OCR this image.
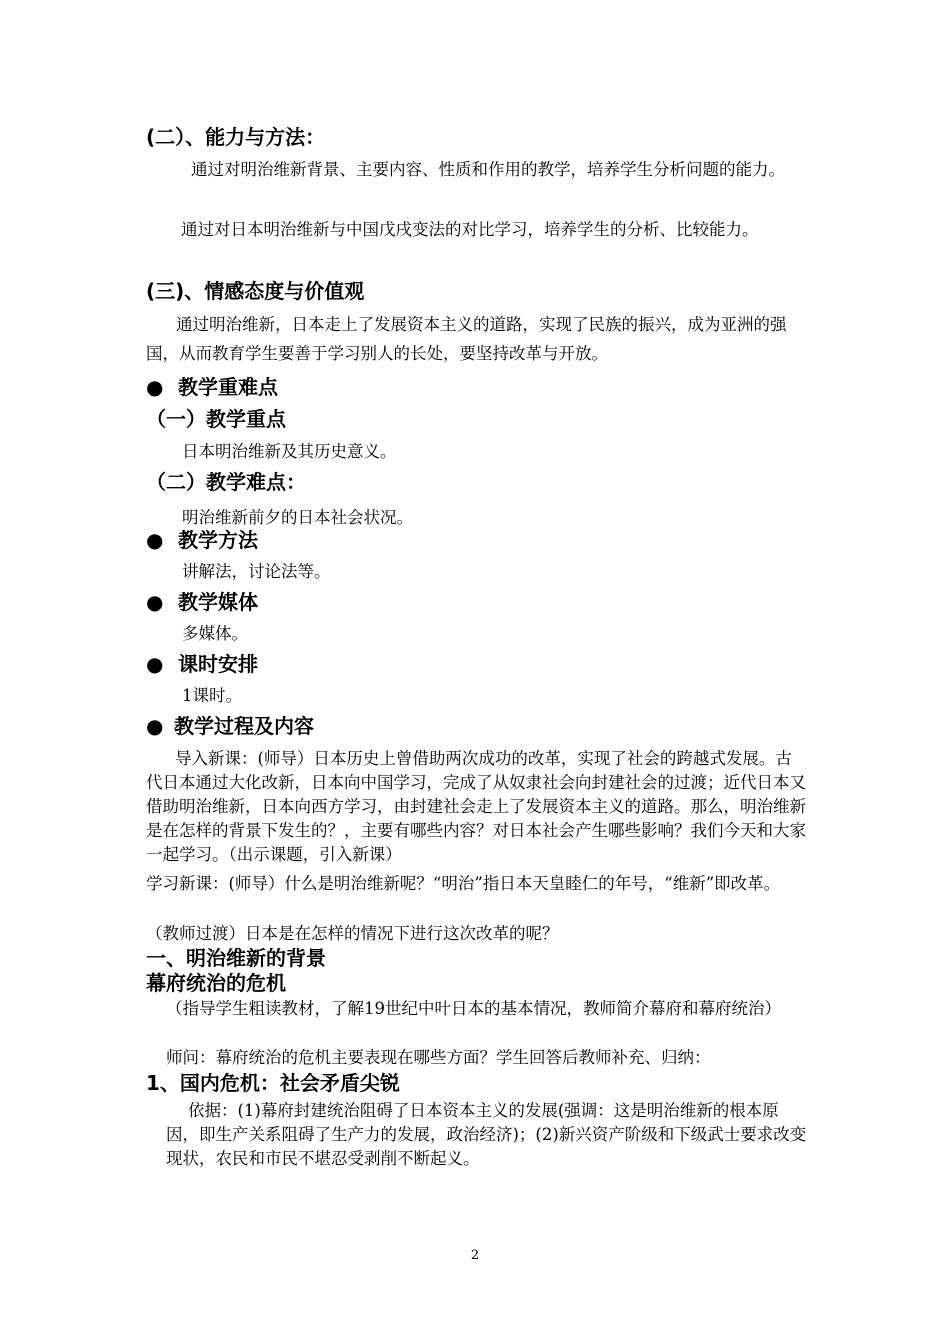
(二）、能力与方法：
通过对明治维新背景、主要内容、性质和作用的教学，培养学生分析问题的能力。
通过对日本明治维新与中国戊戌变法的对比学习，培养学生的分析、比较能力。
(三)、情感态度与价值观
通过明治维新，日本走上了发展资本主义的道路，实现了民族的振兴，成为亚洲的强国，从而教育学生要善于学习别人的长处，要坚持改革与开放。
● 教学重难点
（一）教学重点
日本明治维新及其历史意义。
（二）教学难点：
明治维新前夕的日本社会状况。
● 教学方法
讲解法，讨论法等。
● 教学媒体
多媒体。
● 课时安排
1课时。
● 教学过程及内容
导入新课：(师导）日本历史上曾借助两次成功的改革，实现了社会的跨越式发展。古代日本通过大化改新，日本向中国学习，完成了从奴隶社会向封建社会的过渡；近代日本又借助明治维新，日本向西方学习，由封建社会走上了发展资本主义的道路。那么，明治维新是在怎样的背景下发生的？，主要有哪些内容？对日本社会产生哪些影响？我们今天和大家一起学习。（出示课题，引入新课）
学习新课：(师导）什么是明治维新呢？“明治”指日本天皇睦仁的年号，“维新”即改革。
（教师过渡）日本是在怎样的情况下进行这次改革的呢？
一、明治维新的背景
幕府统治的危机
（指导学生粗读教材，了解19世纪中叶日本的基本情况，教师简介幕府和幕府统治）
师问：幕府统治的危机主要表现在哪些方面？学生回答后教师补充、归纳：
1、国内危机：社会矛盾尖锐
依据：(1)幕府封建统治阻碍了日本资本主义的发展(强调：这是明治维新的根本原因，即生产关系阻碍了生产力的发展，政治经济)；(2)新兴资产阶级和下级武士要求改变现状，农民和市民不堪忍受剥削不断起义。
2
